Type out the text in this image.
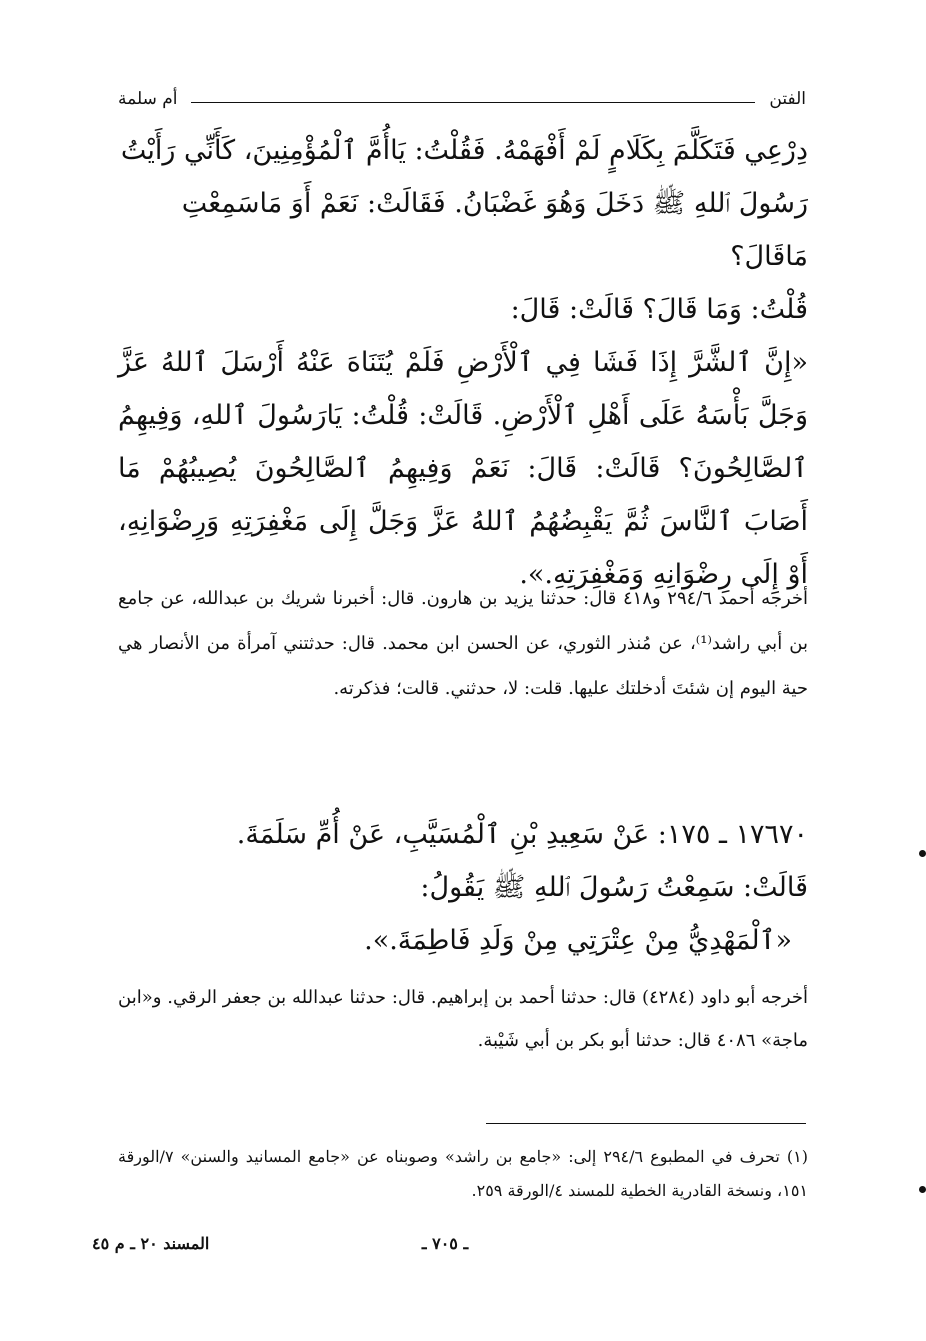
الفتن
أم سلمة

دِرْعِي فَتَكَلَّمَ بِكَلَامٍ لَمْ أَفْهَمْهُ. فَقُلْتُ: يَاأُمَّ ٱلْمُؤْمِنِينَ، كَأَنِّي رَأَيْتُ

رَسُولَ ٱللهِ ﷺ دَخَلَ وَهُوَ غَضْبَانُ. فَقَالَتْ: نَعَمْ أَوَ مَاسَمِعْتِ مَاقَالَ؟

قُلْتُ: وَمَا قَالَ؟ قَالَتْ: قَالَ:

«إِنَّ ٱلشَّرَّ إِذَا فَشَا فِي ٱلْأَرْضِ فَلَمْ يُتَنَاهَ عَنْهُ أَرْسَلَ ٱللهُ عَزَّ وَجَلَّ بَأْسَهُ عَلَى أَهْلِ ٱلْأَرْضِ. قَالَتْ: قُلْتُ: يَارَسُولَ ٱللهِ، وَفِيهِمُ ٱلصَّالِحُونَ؟ قَالَتْ: قَالَ: نَعَمْ وَفِيهِمُ ٱلصَّالِحُونَ يُصِيبُهُمْ مَا أَصَابَ ٱلنَّاسَ ثُمَّ يَقْبِضُهُمُ ٱللهُ عَزَّ وَجَلَّ إِلَى مَغْفِرَتِهِ وَرِضْوَانِهِ، أَوْ إِلَى رِضْوَانِهِ وَمَغْفِرَتِهِ.».

أخرجه أحمد ٢٩٤/٦ و٤١٨ قال: حدثنا يزيد بن هارون. قال: أخبرنا شريك بن عبدالله، عن جامع بن أبي راشد⁽¹⁾، عن مُنذر الثوري، عن الحسن ابن محمد. قال: حدثتني آمرأة من الأنصار هي حية اليوم إن شئتَ أدخلتك عليها. قلت: لا، حدثني. قالت؛ فذكرته.

١٧٦٧٠ ـ ١٧٥: عَنْ سَعِيدِ بْنِ ٱلْمُسَيَّبِ، عَنْ أُمِّ سَلَمَةَ.

قَالَتْ: سَمِعْتُ رَسُولَ ٱللهِ ﷺ يَقُولُ:

«ٱلْمَهْدِيُّ مِنْ عِتْرَتِي مِنْ وَلَدِ فَاطِمَةَ.».

أخرجه أبو داود (٤٢٨٤) قال: حدثنا أحمد بن إبراهيم. قال: حدثنا عبدالله بن جعفر الرقي. و«ابن ماجة» ٤٠٨٦ قال: حدثنا أبو بكر بن أبي شَيْبة.
(١) تحرف في المطبوع ٢٩٤/٦ إلى: «جامع بن راشد» وصوبناه عن «جامع المسانيد والسنن» ٧/الورقة ١٥١، ونسخة القادرية الخطية للمسند ٤/الورقة ٢٥٩.
ـ ٧٠٥ ـ
المسند ٢٠ ـ م ٤٥
